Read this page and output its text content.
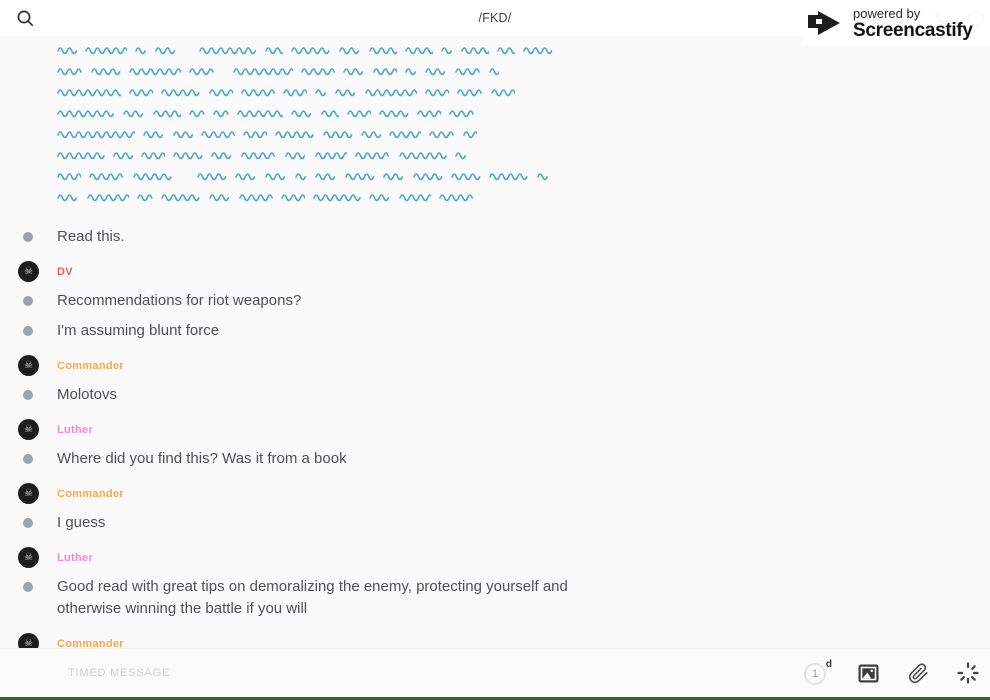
/FKD/	powered by
Screencastify
Read this.
☠	DV
Recommendations for riot weapons?
I'm assuming blunt force
☠	Commander
Molotovs
☠	Luther
Where did you find this? Was it from a book
☠	Commander
I guess
☠	Luther
Good read with great tips on demoralizing the enemy, protecting yourself and otherwise winning the battle if you will
☠	Commander
TIMED MESSAGE
1
d
